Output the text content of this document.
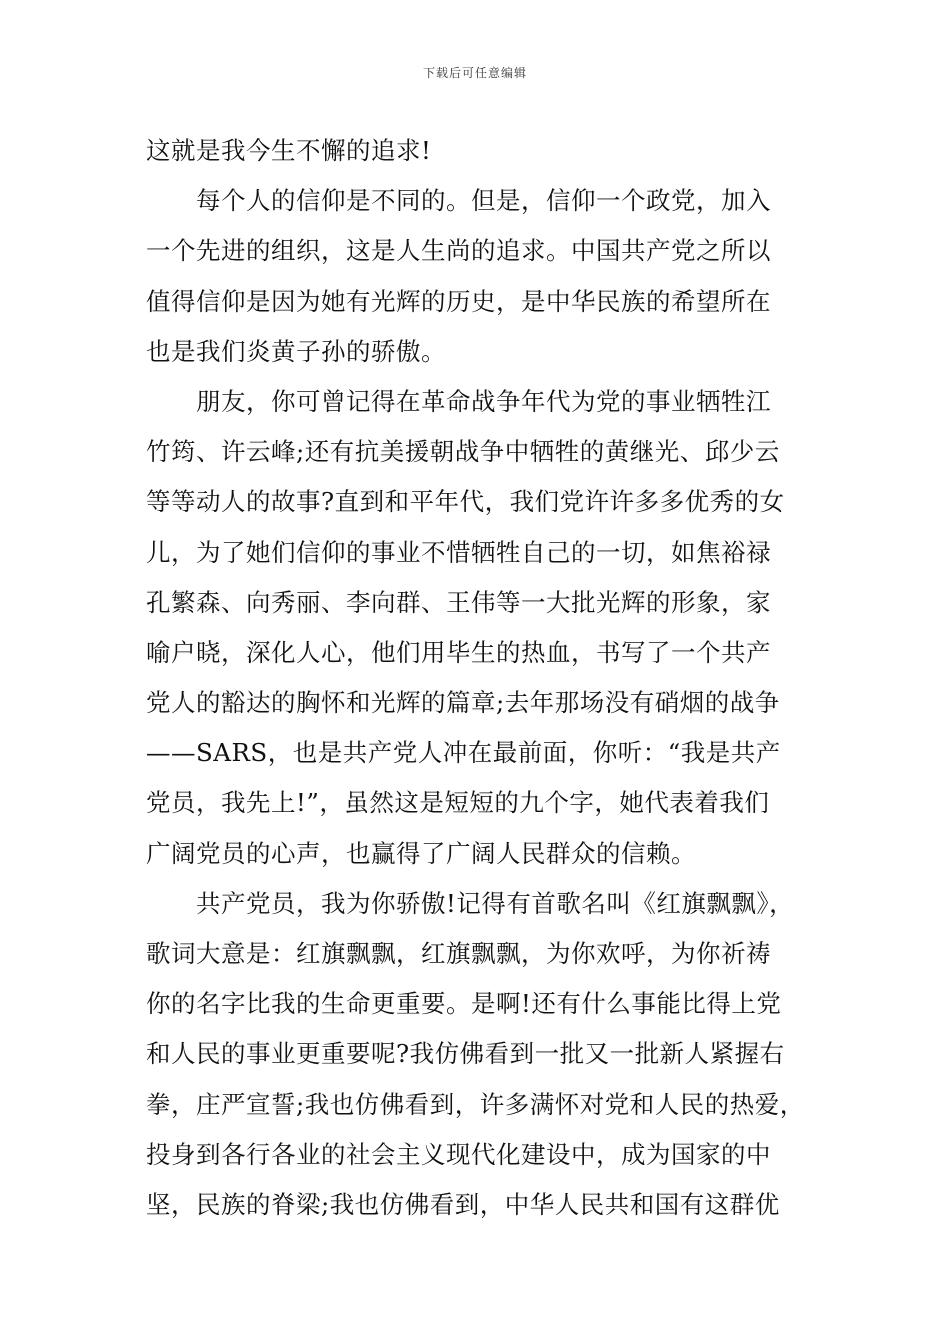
下载后可任意编辑
这就是我今生不懈的追求!
每个人的信仰是不同的。但是，信仰一个政党，加入
一个先进的组织，这是人生尚的追求。中国共产党之所以
值得信仰是因为她有光辉的历史，是中华民族的希望所在
也是我们炎黄子孙的骄傲。
朋友，你可曾记得在革命战争年代为党的事业牺牲江
竹筠、许云峰;还有抗美援朝战争中牺牲的黄继光、邱少云
等等动人的故事?直到和平年代，我们党许许多多优秀的女
儿，为了她们信仰的事业不惜牺牲自己的一切，如焦裕禄
孔繁森、向秀丽、李向群、王伟等一大批光辉的形象，家
喻户晓，深化人心，他们用毕生的热血，书写了一个共产
党人的豁达的胸怀和光辉的篇章;去年那场没有硝烟的战争
——SARS，也是共产党人冲在最前面，你听：“我是共产
党员，我先上!”，虽然这是短短的九个字，她代表着我们
广阔党员的心声，也赢得了广阔人民群众的信赖。
共产党员，我为你骄傲!记得有首歌名叫《红旗飘飘》，
歌词大意是：红旗飘飘，红旗飘飘，为你欢呼，为你祈祷
你的名字比我的生命更重要。是啊!还有什么事能比得上党
和人民的事业更重要呢?我仿佛看到一批又一批新人紧握右
拳，庄严宣誓;我也仿佛看到，许多满怀对党和人民的热爱，
投身到各行各业的社会主义现代化建设中，成为国家的中
坚，民族的脊梁;我也仿佛看到，中华人民共和国有这群优
